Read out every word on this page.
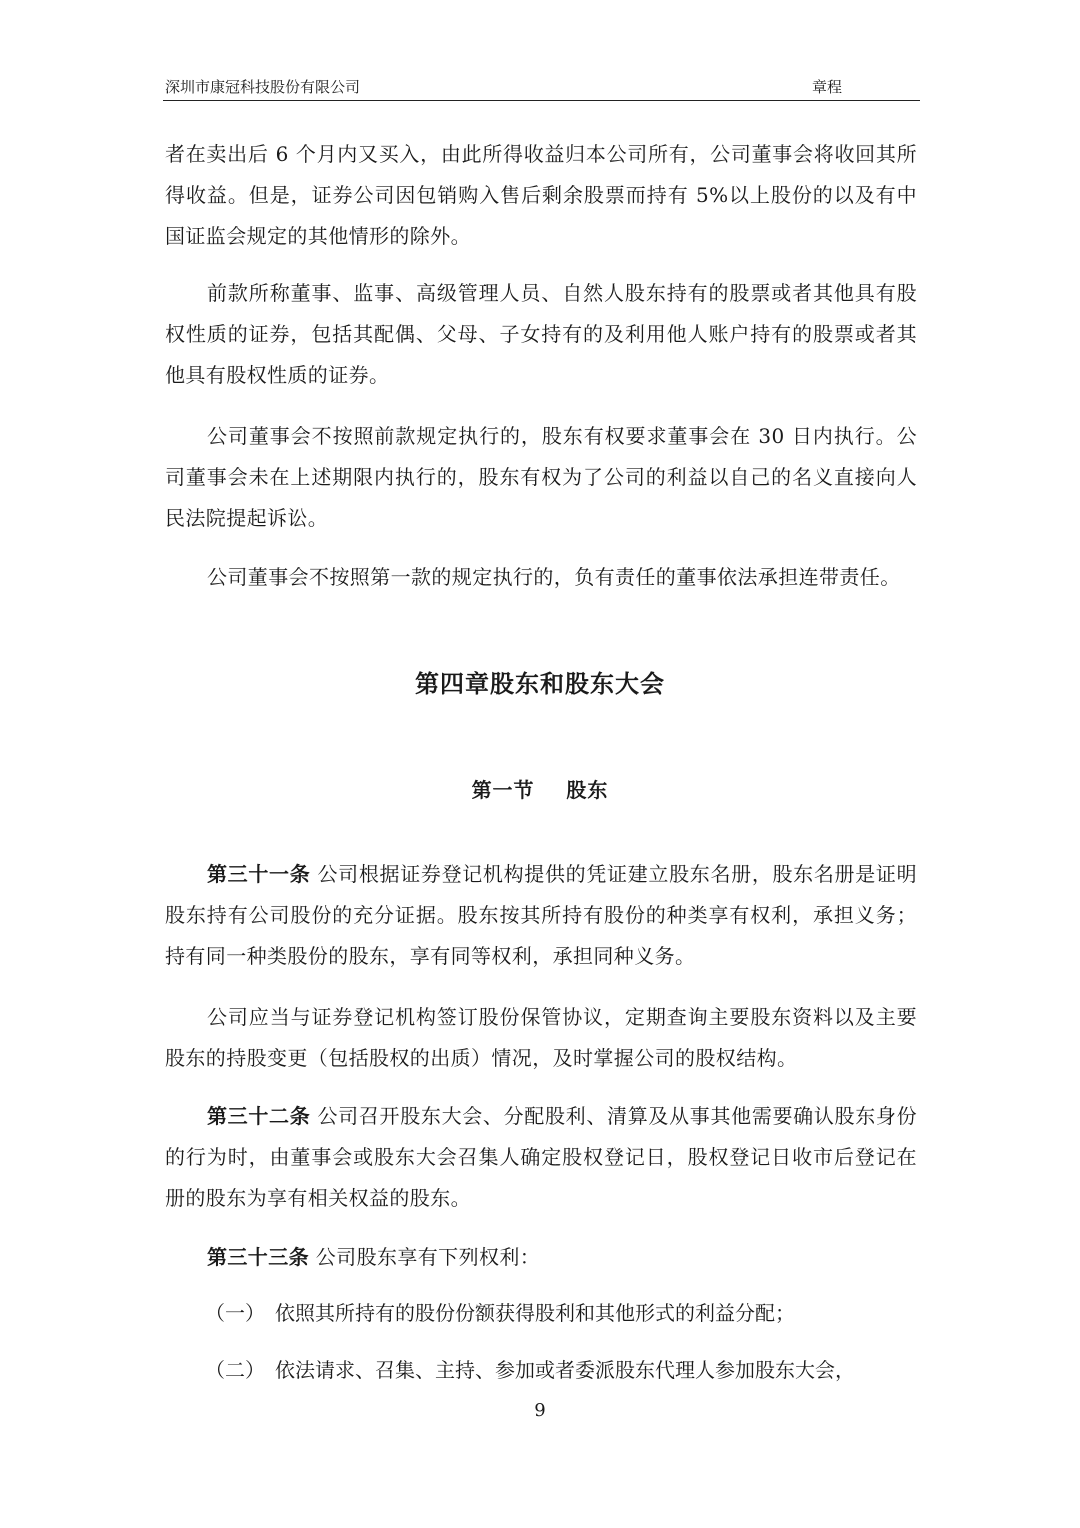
深圳市康冠科技股份有限公司	章程

者在卖出后 6 个月内又买入，由此所得收益归本公司所有，公司董事会将收回其所得收益。但是，证券公司因包销购入售后剩余股票而持有 5%以上股份的以及有中国证监会规定的其他情形的除外。

前款所称董事、监事、高级管理人员、自然人股东持有的股票或者其他具有股权性质的证券，包括其配偶、父母、子女持有的及利用他人账户持有的股票或者其他具有股权性质的证券。

公司董事会不按照前款规定执行的，股东有权要求董事会在 30 日内执行。公司董事会未在上述期限内执行的，股东有权为了公司的利益以自己的名义直接向人民法院提起诉讼。

公司董事会不按照第一款的规定执行的，负有责任的董事依法承担连带责任。

第四章股东和股东大会
第一节    股东

第三十一条 公司根据证券登记机构提供的凭证建立股东名册，股东名册是证明股东持有公司股份的充分证据。股东按其所持有股份的种类享有权利，承担义务；持有同一种类股份的股东，享有同等权利，承担同种义务。

公司应当与证券登记机构签订股份保管协议，定期查询主要股东资料以及主要股东的持股变更（包括股权的出质）情况，及时掌握公司的股权结构。

第三十二条 公司召开股东大会、分配股利、清算及从事其他需要确认股东身份的行为时，由董事会或股东大会召集人确定股权登记日，股权登记日收市后登记在册的股东为享有相关权益的股东。

第三十三条 公司股东享有下列权利：

（一） 依照其所持有的股份份额获得股利和其他形式的利益分配；
（二） 依法请求、召集、主持、参加或者委派股东代理人参加股东大会，
9
